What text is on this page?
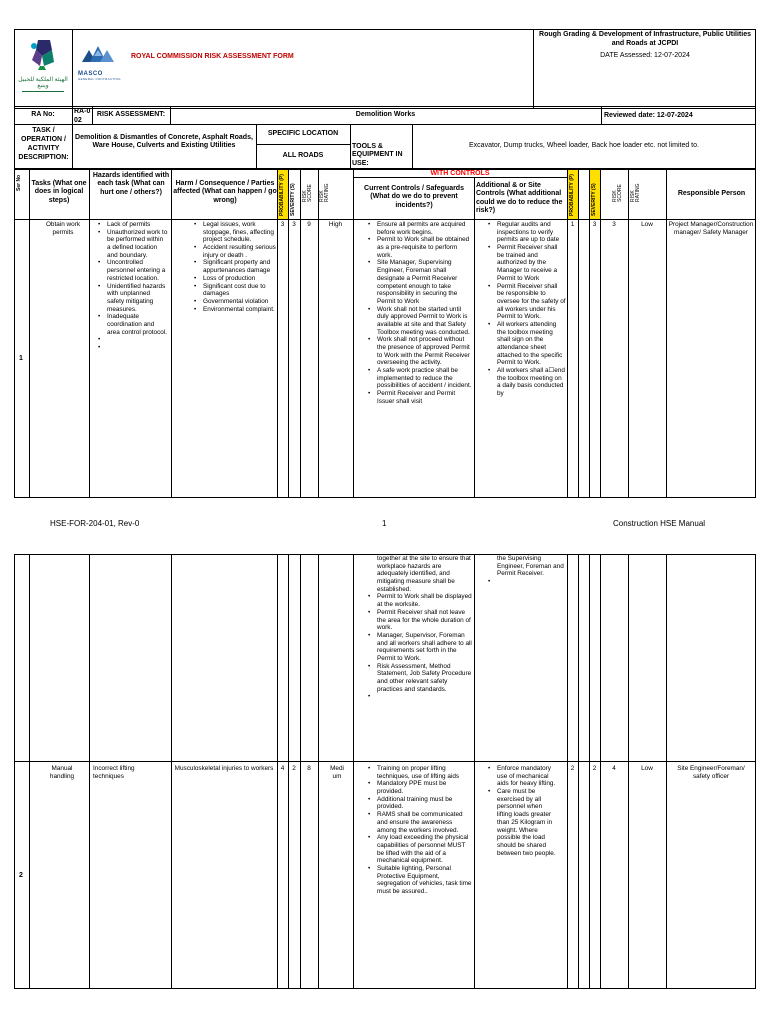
الهيئة الملكية للجبيل وينبع
MASCO
GENERAL CONTRACTING
ROYAL COMMISSION RISK ASSESSMENT FORM
Rough Grading & Development of Infrastructure, Public Utilities and Roads at JCPDI
DATE Assessed: 12-07-2024
RA No:	RA-002
RISK ASSESSMENT:	Demolition Works	Reviewed date: 12-07-2024
TASK / OPERATION / ACTIVITY DESCRIPTION:
Demolition & Dismantles of Concrete, Asphalt Roads, Ware House, Culverts and Existing Utilities
SPECIFIC LOCATION
ALL ROADS
TOOLS & EQUIPMENT IN USE:
Excavator, Dump trucks, Wheel loader, Back hoe loader etc. not limited to.
Ser No Tasks (What one does in logical steps)
Hazards identified with each task (What can hurt one / others?)
Harm / Consequence / Parties affected (What can happen / go wrong)	PROBABILITY (P) SEVERITY (S) RISK SCORE RISK RATING
WITH CONTROLS
Current Controls / Safeguards (What do we do to prevent incidents?)
Additional & or Site Controls (What additional could we do to reduce the risk?)	PROBABILITY (P)	SEVERITY (S)	RISK SCORE RISK RATING	Responsible Person
1
Obtain work permits
• Lack of permits
• Unauthorized work to be performed within a defined location and boundary.
• Uncontrolled personnel entering a restricted location.
• Unidentified hazards with unplanned safety mitigating measures.
• Inadequate coordination and area control protocol.
•
•
• Legal issues, work stoppage, fines, affecting project schedule.
• Accident resulting serious injury or death .
• Significant property and appurtenances damage
• Loss of production
• Significant cost due to damages
• Governmental violation
• Environmental complaint.
3	3	9	High
•	Ensure all permits are acquired before work begins.
• Permit to Work shall be obtained as a pre-requisite to perform work.
• Site Manager, Supervising Engineer, Foreman shall designate a Permit Receiver competent enough to take responsibility in securing the Permit to Work
• Work shall not be started until duly approved Permit to Work is available at site and that Safety Toolbox meeting was conducted.
• Work shall not proceed without the presence of approved Permit to Work with the Permit Receiver overseeing the activity.
• A safe work practice shall be implemented to reduce the possibilities of accident / incident.
• Permit Receiver and Permit Issuer shall visit
• Regular audits and inspections to verify permits are up to date
• Permit Receiver shall be trained and authorized by the Manager to receive a Permit to Work
• Permit Receiver shall be responsible to oversee for the safety of all workers under his Permit to Work.
• All workers attending the toolbox meeting shall sign on the attendance sheet attached to the specific Permit to Work.
• All workers shall a☐end the toolbox meeting on a daily basis conducted by
1	3	3	Low	Project Manager/Construction manager/ Safety Manager
HSE-FOR-204-01, Rev-0	1	Construction HSE Manual
together at the site to ensure that workplace hazards are adequately identified, and mitigating measure shall be established.
• Permit to Work shall be displayed at the worksite.
• Permit Receiver shall not leave the area for the whole duration of work.
• Manager, Supervisor, Foreman and all workers shall adhere to all requirements set forth in the Permit to Work.
• Risk Assessment, Method Statement, Job Safety Procedure and other relevant safety practices and standards.
•
the Supervising Engineer, Foreman and Permit Receiver.
•
2
Manual handling
Incorrect lifting techniques
Musculoskeletal injuries to workers	4	2	8	Medium
• Training on proper lifting techniques, use of lifting aids
• Mandatory PPE must be provided.
• Additional training must be provided.
• RAMS shall be communicated and ensure the awareness among the workers involved.
• Any load exceeding the physical capabilities of personnel MUST be lifted with the aid of a mechanical equipment.
• Suitable lighting, Personal Protective Equipment, segregation of vehicles, task time must be assured..
• Enforce mandatory use of mechanical aids for heavy lifting.
• Care must be exercised by all personnel when lifting loads greater than 25 Kilogram in weight. Where possible the load should be shared between two people.
2	2	4	Low	Site Engineer/Foreman/ safety officer
